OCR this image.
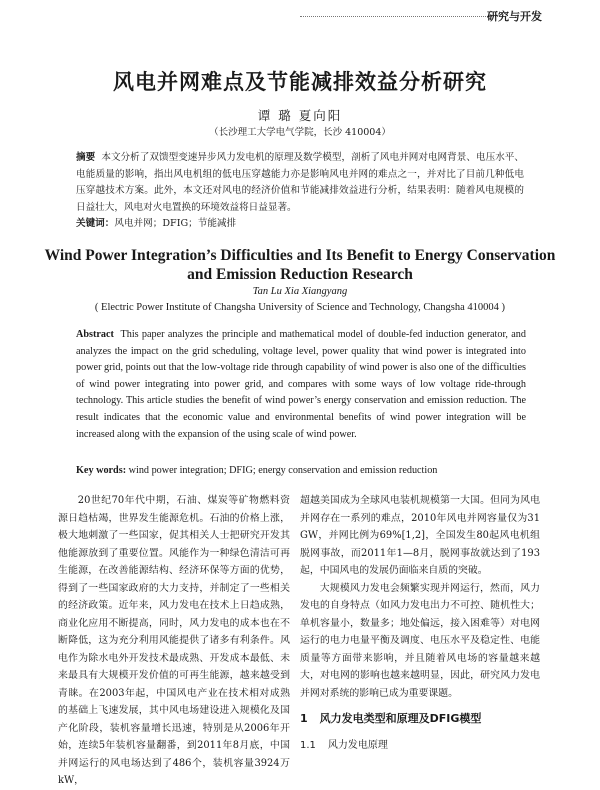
研究与开发
风电并网难点及节能减排效益分析研究
谭 璐 夏向阳
（长沙理工大学电气学院，长沙 410004）
摘要 本文分析了双馈型变速异步风力发电机的原理及数学模型，剖析了风电并网对电网背景、电压水平、电能质量的影响，指出风电机组的低电压穿越能力亦是影响风电并网的难点之一，并对比了目前几种低电压穿越技术方案。此外，本文还对风电的经济价值和节能减排效益进行分析，结果表明：随着风电规模的日益壮大，风电对火电置换的环境效益将日益显著。
关键词：风电并网；DFIG；节能减排
Wind Power Integration’s Difficulties and Its Benefit to Energy Conservation and Emission Reduction Research
Tan Lu Xia Xiangyang
( Electric Power Institute of Changsha University of Science and Technology, Changsha 410004 )
Abstract This paper analyzes the principle and mathematical model of double-fed induction generator, and analyzes the impact on the grid scheduling, voltage level, power quality that wind power is integrated into power grid, points out that the low-voltage ride through capability of wind power is also one of the difficulties of wind power integrating into power grid, and compares with some ways of low voltage ride-through technology. This article studies the benefit of wind power’s energy conservation and emission reduction. The result indicates that the economic value and environmental benefits of wind power integration will be increased along with the expansion of the using scale of wind power.
Key words: wind power integration; DFIG; energy conservation and emission reduction

20世纪70年代中期，石油、煤炭等矿物燃料资源日趋枯竭，世界发生能源危机。石油的价格上涨，极大地刺激了一些国家，促其相关人士把研究开发其他能源放到了重要位置。风能作为一种绿色清洁可再生能源，在改善能源结构、经济环保等方面的优势，得到了一些国家政府的大力支持，并制定了一些相关的经济政策。近年来，风力发电在技术上日趋成熟，商业化应用不断提高，同时，风力发电的成本也在不断降低，这为充分利用风能提供了诸多有利条件。风电作为除水电外开发技术最成熟、开发成本最低、未来最具有大规模开发价值的可再生能源，越来越受到青睐。在2003年起，中国风电产业在技术相对成熟的基础上飞速发展，其中风电场建设进入规模化及国产化阶段，装机容量增长迅速，特别是从2006年开始，连续5年装机容量翻番，到2011年8月底，中国并网运行的风电场达到了486个，装机容量3924万kW，

超越美国成为全球风电装机规模第一大国。但同为风电并网存在一系列的难点，2010年风电并网容量仅为31 GW，并网比例为69%[1,2]，全国发生80起风电机组脱网事故，而2011年1—8月，脱网事故就达到了193起，中国风电的发展仍面临来自质的突破。

大规模风力发电会频繁实现并网运行，然而，风力发电的自身特点（如风力发电出力不可控、随机性大；单机容量小，数量多；地处偏远，接入困难等）对电网运行的电力电量平衡及调度、电压水平及稳定性、电能质量等方面带来影响，并且随着风电场的容量越来越大，对电网的影响也越来越明显，因此，研究风力发电并网对系统的影响已成为重要课题。

1 风力发电类型和原理及DFIG模型
1.1 风力发电原理
